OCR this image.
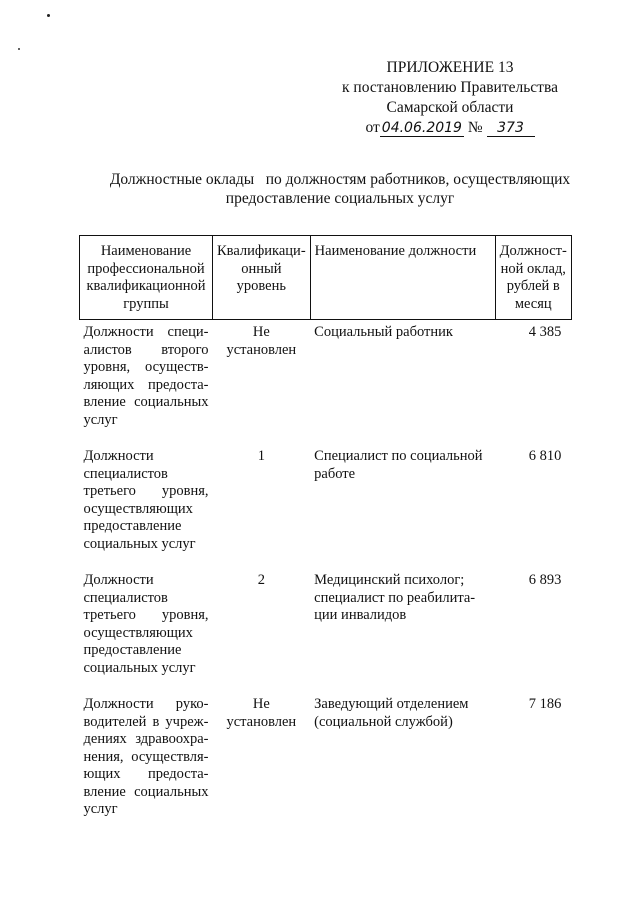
ПРИЛОЖЕНИЕ 13
к постановлению Правительства
Самарской области
от 04.06.2019 № 373
Должностные оклады   по должностям работников, осуществляющих
предоставление социальных услуг
Наименование профессиональной квалификационной группы	Квалификаци-онный уровень	Наименование должности	Должност-ной оклад, рублей в месяц
Должности специ-алистов второго уровня, осуществ-ляющих предоста-вление социальных услуг	Не установлен	Социальный работник	4 385
Должности специалистов третьего уровня, осуществляющих предоставление социальных услуг	1	Специалист по социальной работе	6 810
Должности специалистов третьего уровня, осуществляющих предоставление социальных услуг	2	Медицинский психолог; специалист по реабилита-ции инвалидов	6 893
Должности руко-водителей в учреж-дениях здравоохра-нения, осуществля-ющих предоста-вление социальных услуг	Не установлен	Заведующий отделением (социальной службой)	7 186
